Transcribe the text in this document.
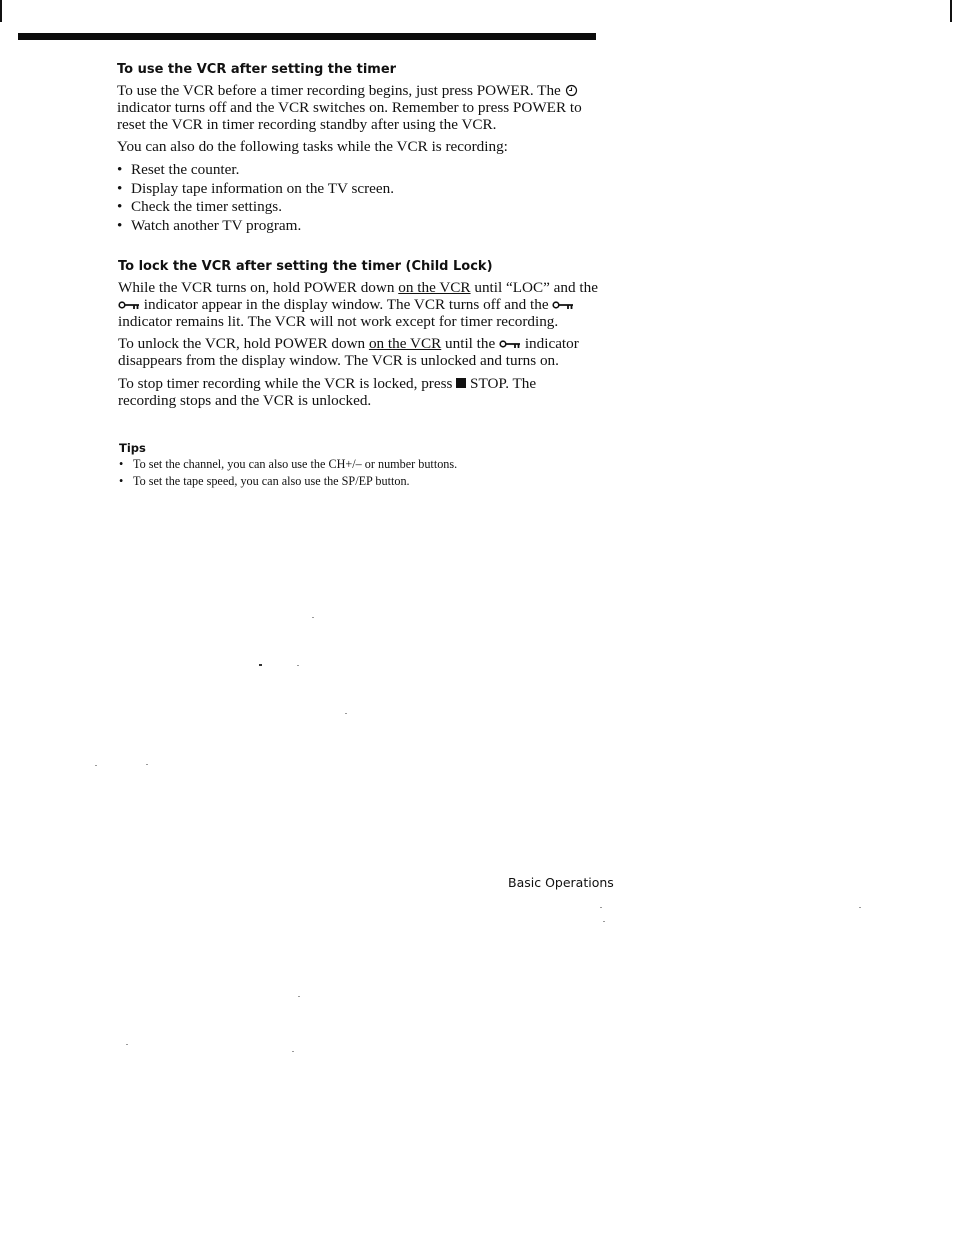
To use the VCR after setting the timer

To use the VCR before a timer recording begins, just press POWER. The  indicator turns off and the VCR switches on. Remember to press POWER to reset the VCR in timer recording standby after using the VCR.

You can also do the following tasks while the VCR is recording:

• Reset the counter.
• Display tape information on the TV screen.
• Check the timer settings.
• Watch another TV program.
To lock the VCR after setting the timer (Child Lock)

While the VCR turns on, hold POWER down on the VCR until “LOC” and the  indicator appear in the display window. The VCR turns off and the  indicator remains lit. The VCR will not work except for timer recording.

To unlock the VCR, hold POWER down on the VCR until the indicator disappears from the display window. The VCR is unlocked and turns on.

To stop timer recording while the VCR is locked, press STOP. The recording stops and the VCR is unlocked.

Tips
• To set the channel, you can also use the CH+/– or number buttons.
• To set the tape speed, you can also use the SP/EP button.
Basic Operations
